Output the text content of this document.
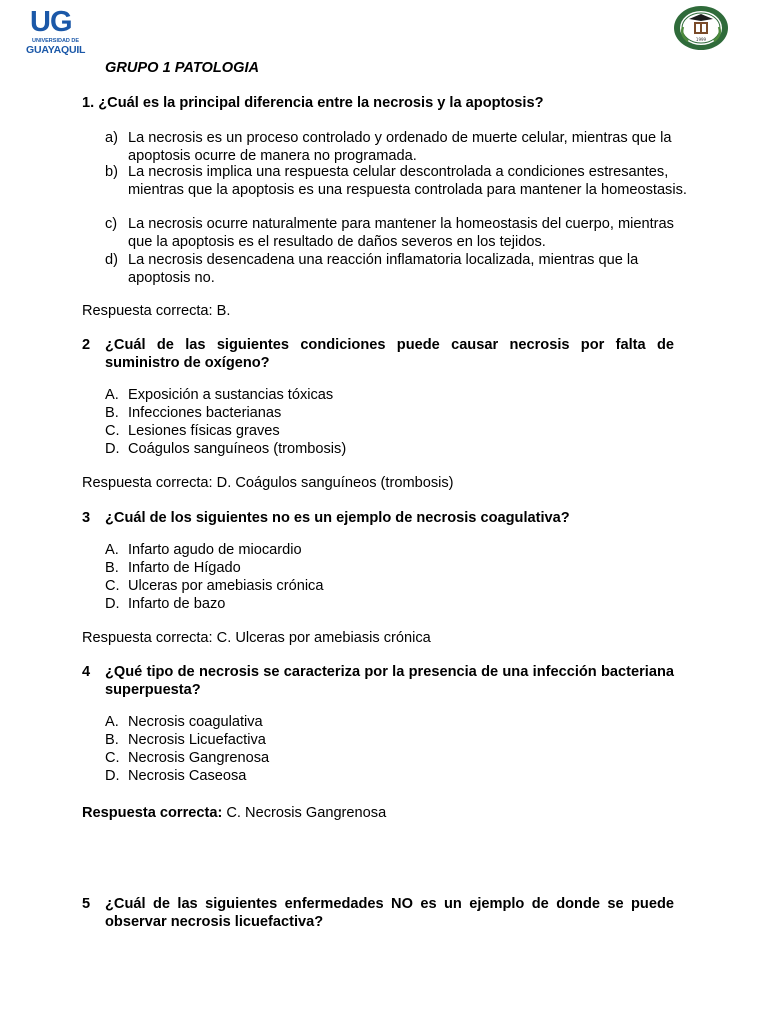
UG
UNIVERSIDAD DE
GUAYAQUIL
1999
GRUPO 1 PATOLOGIA
1. ¿Cuál es la principal diferencia entre la necrosis y la apoptosis?
a) La necrosis es un proceso controlado y ordenado de muerte celular, mientras que la apoptosis ocurre de manera no programada.
b) La necrosis implica una respuesta celular descontrolada a condiciones estresantes, mientras que la apoptosis es una respuesta controlada para mantener la homeostasis.
c) La necrosis ocurre naturalmente para mantener la homeostasis del cuerpo, mientras que la apoptosis es el resultado de daños severos en los tejidos.
d) La necrosis desencadena una reacción inflamatoria localizada, mientras que la apoptosis no.
Respuesta correcta: B.
2 ¿Cuál de las siguientes condiciones puede causar necrosis por falta de suministro de oxígeno?
A. Exposición a sustancias tóxicas
B. Infecciones bacterianas
C. Lesiones físicas graves
D. Coágulos sanguíneos (trombosis)
Respuesta correcta: D. Coágulos sanguíneos (trombosis)
3 ¿Cuál de los siguientes no es un ejemplo de necrosis coagulativa?
A. Infarto agudo de miocardio
B. Infarto de Hígado
C. Ulceras por amebiasis crónica
D. Infarto de bazo
Respuesta correcta: C. Ulceras por amebiasis crónica
4 ¿Qué tipo de necrosis se caracteriza por la presencia de una infección bacteriana superpuesta?
A. Necrosis coagulativa
B. Necrosis Licuefactiva
C. Necrosis Gangrenosa
D. Necrosis Caseosa
Respuesta correcta: C. Necrosis Gangrenosa
5 ¿Cuál de las siguientes enfermedades NO es un ejemplo de donde se puede observar necrosis licuefactiva?
